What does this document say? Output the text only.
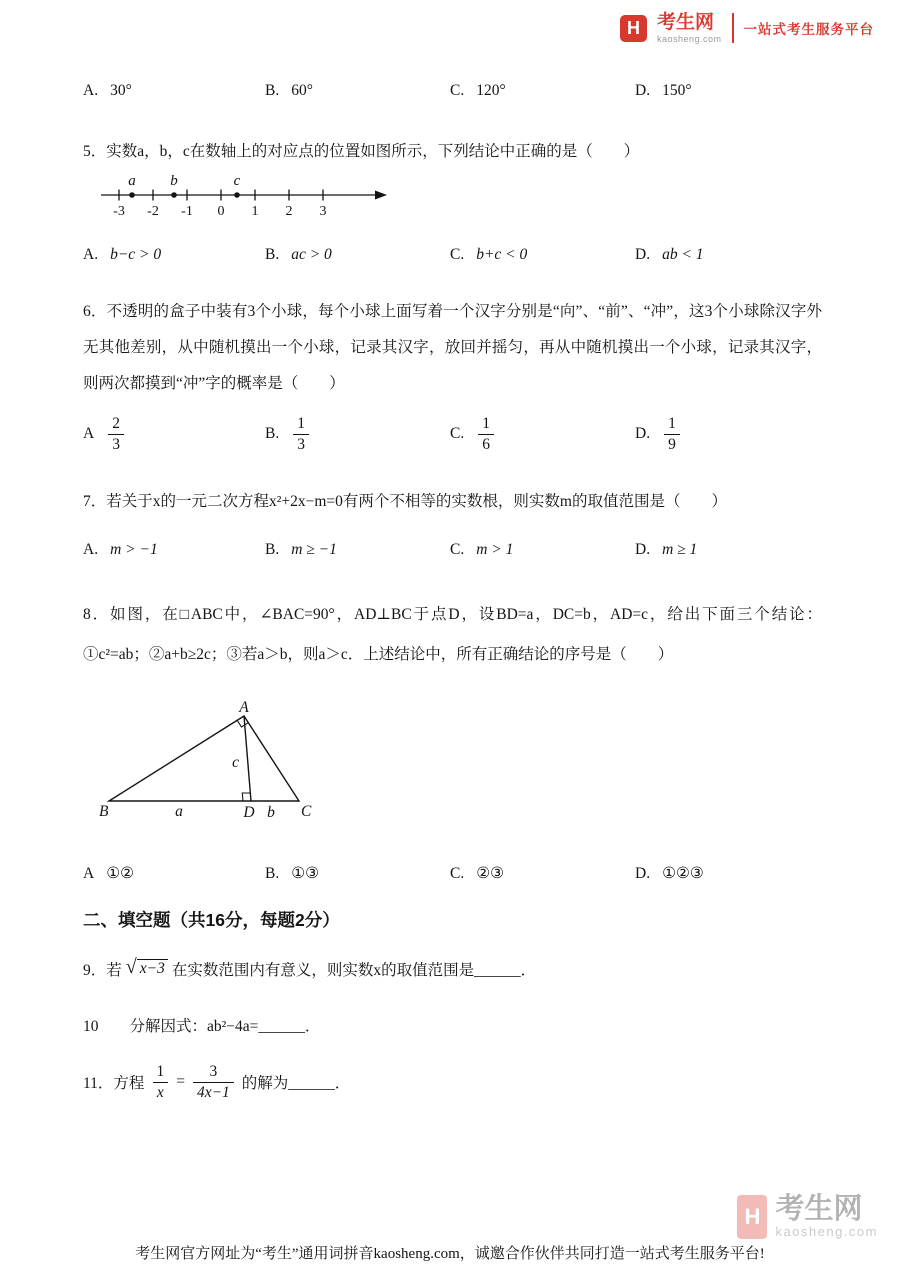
H 考生网
kaosheng.com
一站式考生服务平台
A. 30°	B. 60°	C. 120°	D. 150°
5．实数a，b，c在数轴上的对应点的位置如图所示，下列结论中正确的是（　　）
a b	c
-3 -2 -1 0 1 2 3
A. b−c > 0	B. ac > 0	C. b+c < 0	D. ab < 1
6．不透明的盒子中装有3个小球，每个小球上面写着一个汉字分别是“向”、“前”、“冲”，这3个小球除汉字外无其他差别，从中随机摸出一个小球，记录其汉字，放回并摇匀，再从中随机摸出一个小球，记录其汉字，则两次都摸到“冲”字的概率是（　　）
A $\frac{2}{3}$	B. $\frac{1}{3}$	C. $\frac{1}{6}$	D. $\frac{1}{9}$
7．若关于x的一元二次方程x²+2x−m=0有两个不相等的实数根，则实数m的取值范围是（　　）
A. m > −1	B. m ≥ −1	C. m > 1	D. m ≥ 1
8．如图，在□ABC中，∠BAC=90°，AD⊥BC于点D，设BD=a，DC=b，AD=c，给出下面三个结论：①c²=ab；②a+b≥2c；③若a＞b，则a＞c．上述结论中，所有正确结论的序号是（　　）
A
B	C
D
a	b
c
A ①②	B. ①③	C. ②③	D. ①②③
二、填空题（共16分，每题2分）
9．若 √ x−3 在实数范围内有意义，则实数x的取值范围是______．
10　　分解因式：ab²−4a=______．
11．方程 $\frac{1}{x} = \frac{3}{4x-1}$ 的解为______．
H 考生网
kaosheng.com
考生网官方网址为“考生”通用词拼音kaosheng.com，诚邀合作伙伴共同打造一站式考生服务平台!
